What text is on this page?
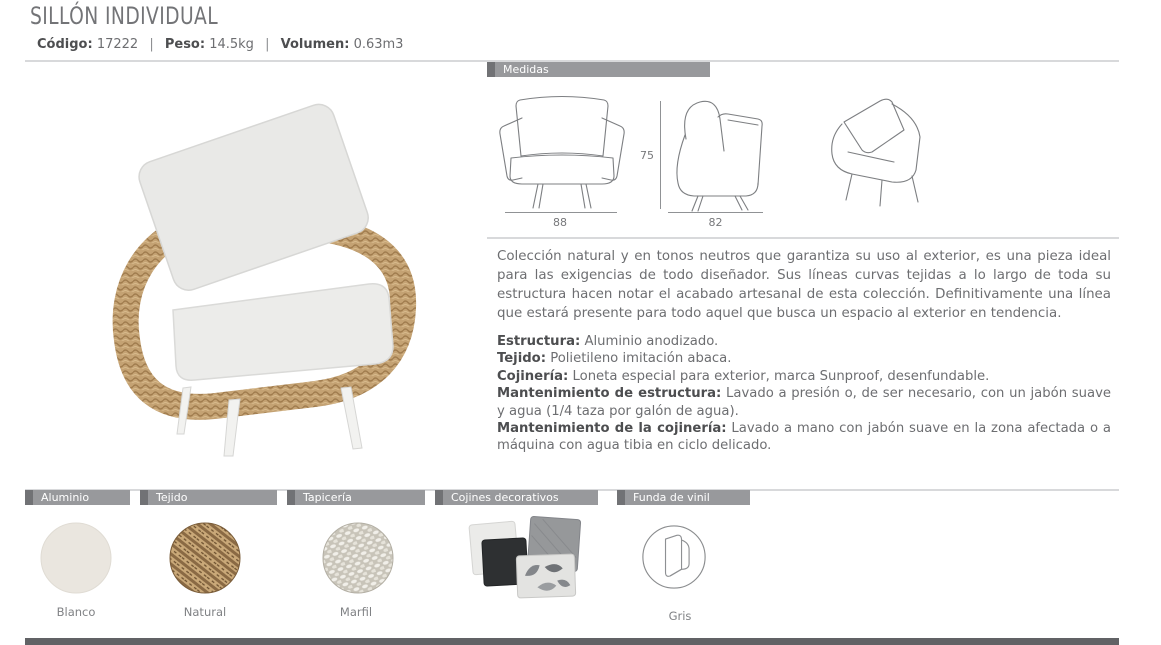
SILLÓN INDIVIDUAL
Código: 17222 | Peso: 14.5kg | Volumen: 0.63m3
Medidas
88
75
82
Colección natural y en tonos neutros que garantiza su uso al exterior, es una pieza ideal para las exigencias de todo diseñador. Sus líneas curvas tejidas a lo largo de toda su estructura hacen notar el acabado artesanal de esta colección. Definitivamente una línea que estará presente para todo aquel que busca un espacio al exterior en tendencia.

Estructura: Aluminio anodizado.

Tejido: Polietileno imitación abaca.

Cojinería: Loneta especial para exterior, marca Sunproof, desenfundable.

Mantenimiento de estructura: Lavado a presión o, de ser necesario, con un jabón suave y agua (1/4 taza por galón de agua).

Mantenimiento de la cojinería: Lavado a mano con jabón suave en la zona afectada o a máquina con agua tibia en ciclo delicado.

Aluminio	Tejido	Tapicería	Cojines decorativos	Funda de vinil
Blanco	Natural	Marfil	Gris
